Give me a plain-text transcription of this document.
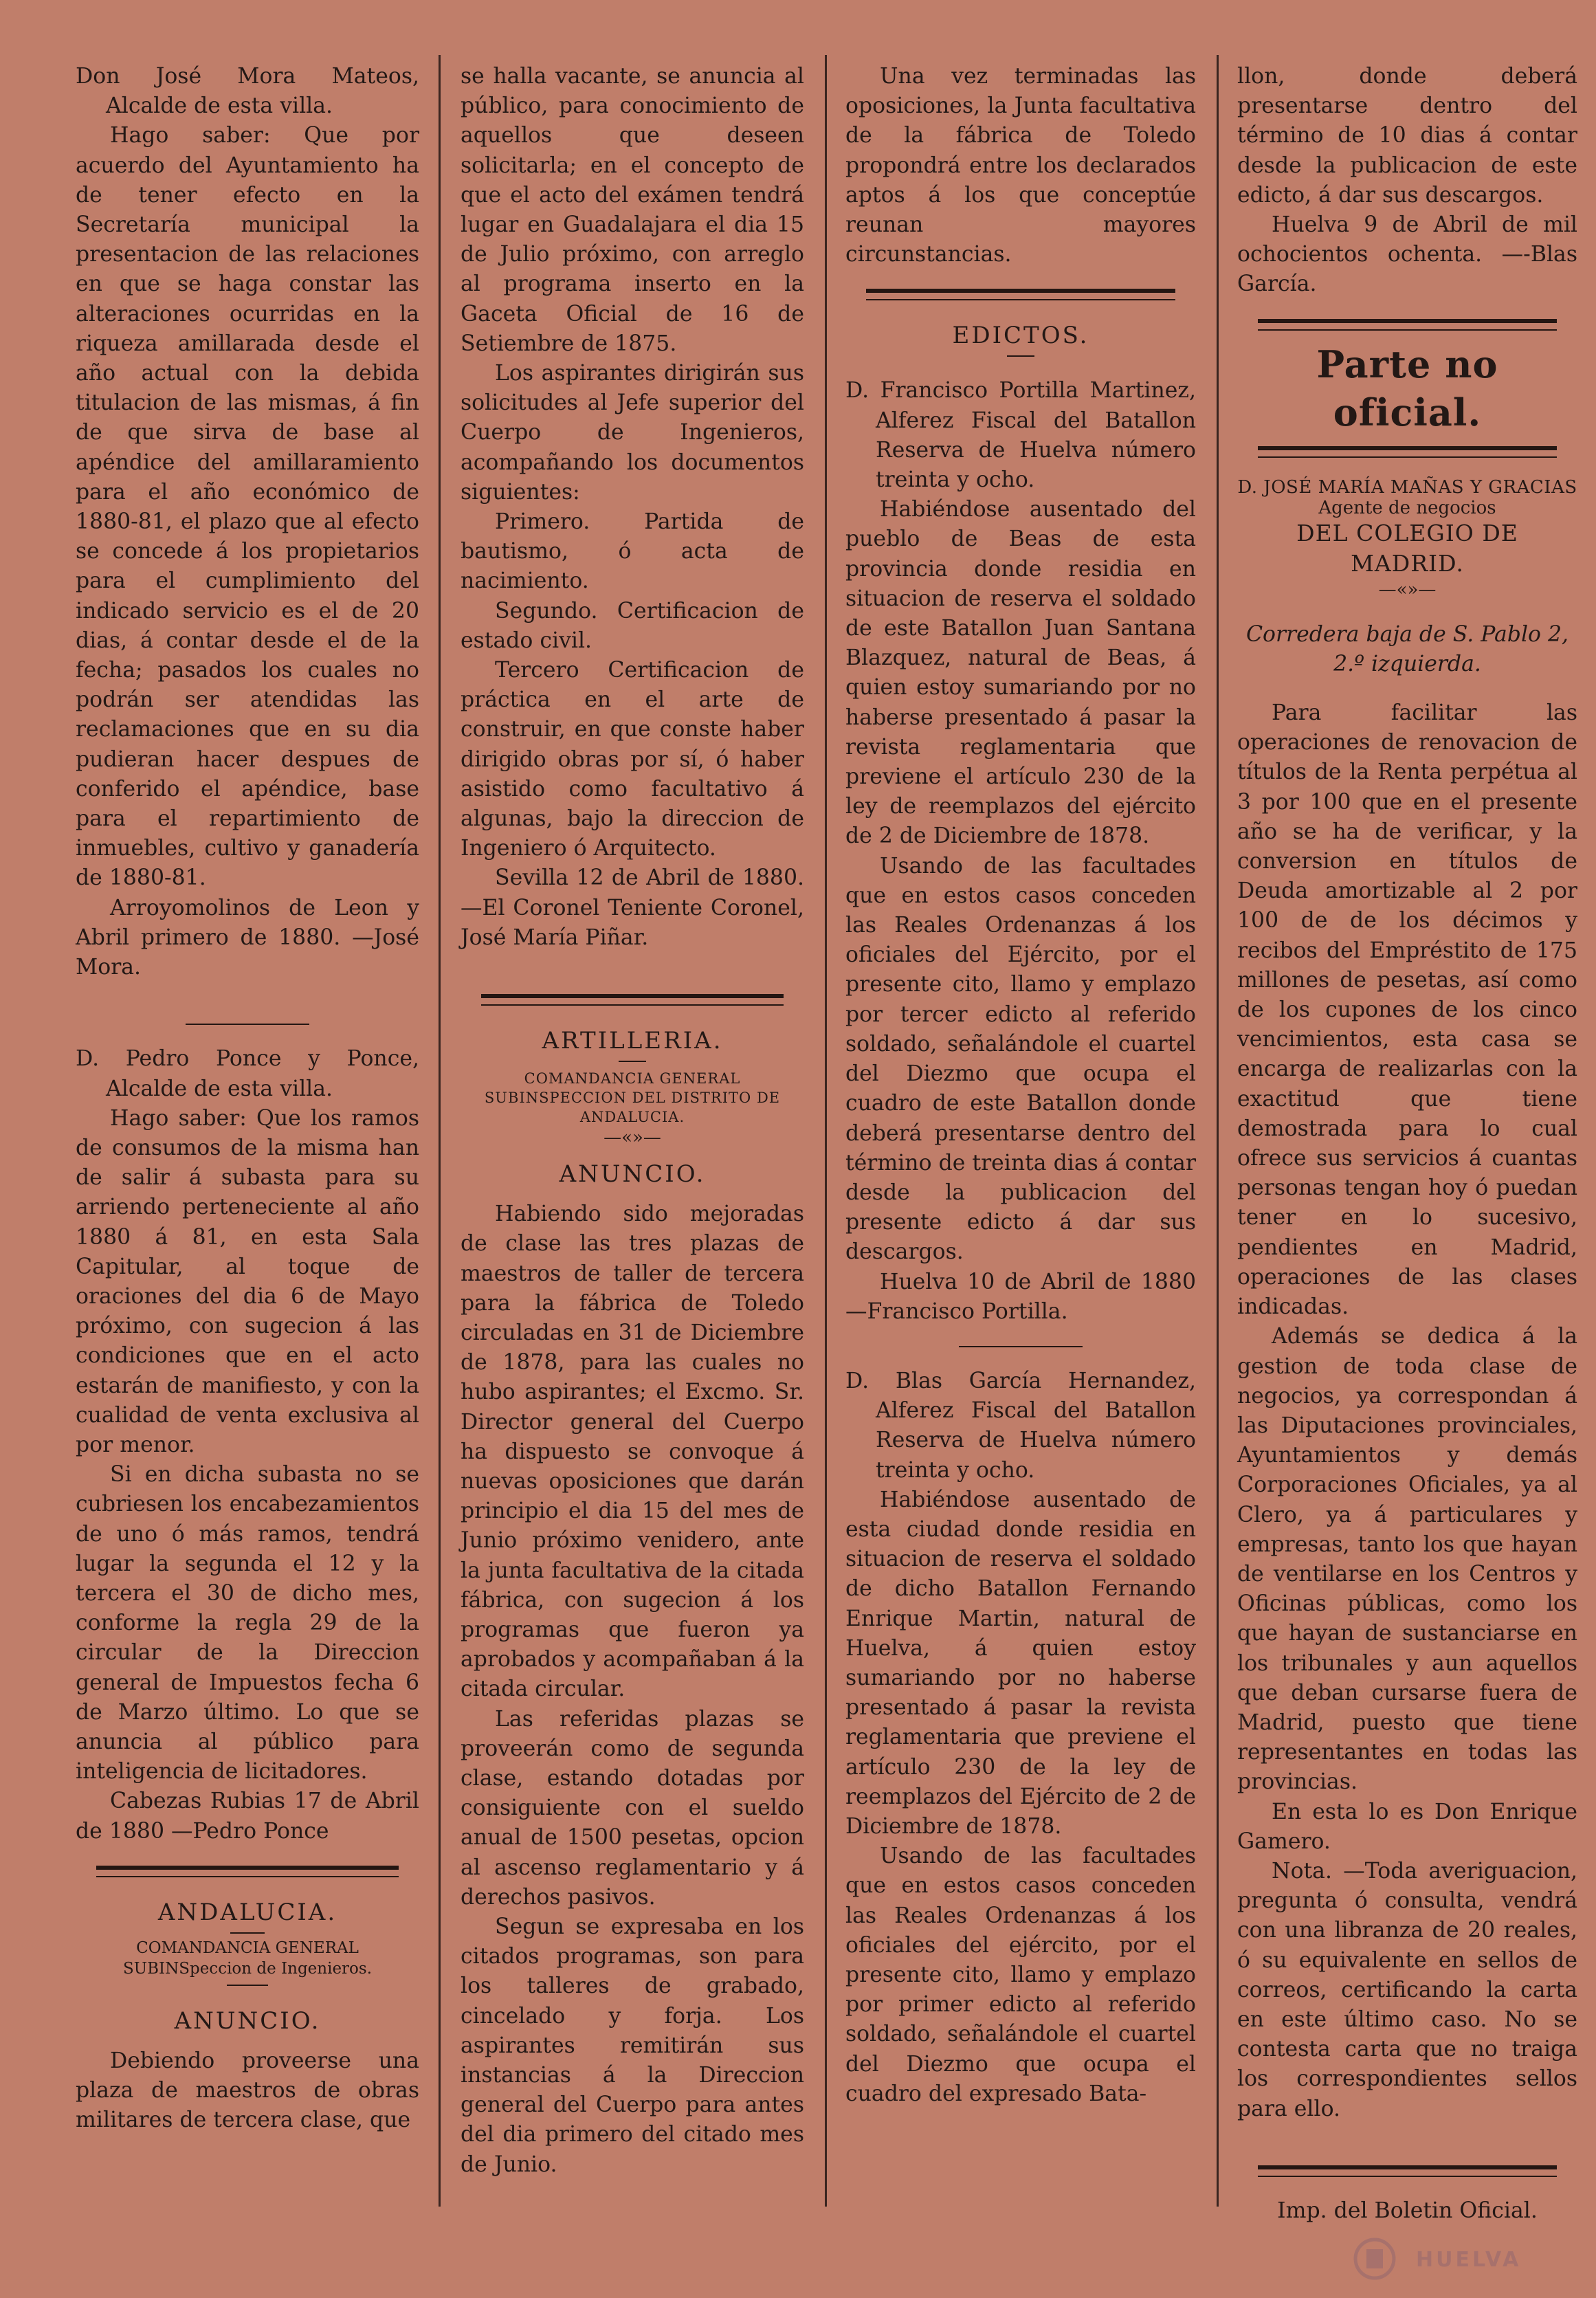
Don José Mora Mateos, Alcalde de esta villa.

Hago saber: Que por acuerdo del Ayuntamiento ha de tener efecto en la Secretaría municipal la presentacion de las relaciones en que se haga constar las alteraciones ocurridas en la riqueza amillarada desde el año actual con la debida titulacion de las mismas, á fin de que sirva de base al apéndice del amillaramiento para el año económico de 1880-81, el plazo que al efecto se concede á los propietarios para el cumplimiento del indicado servicio es el de 20 dias, á contar desde el de la fecha; pasados los cuales no podrán ser atendidas las reclamaciones que en su dia pudieran hacer despues de conferido el apéndice, base para el repartimiento de inmuebles, cultivo y ganadería de 1880-81.

Arroyomolinos de Leon y Abril primero de 1880. —José Mora.

D. Pedro Ponce y Ponce, Alcalde de esta villa.

Hago saber: Que los ramos de consumos de la misma han de salir á subasta para su arriendo perteneciente al año 1880 á 81, en esta Sala Capitular, al toque de oraciones del dia 6 de Mayo próximo, con sugecion á las condiciones que en el acto estarán de manifiesto, y con la cualidad de venta exclusiva al por menor.

Si en dicha subasta no se cubriesen los encabezamientos de uno ó más ramos, tendrá lugar la segunda el 12 y la tercera el 30 de dicho mes, conforme la regla 29 de la circular de la Direccion general de Impuestos fecha 6 de Marzo último. Lo que se anuncia al público para inteligencia de licitadores.

Cabezas Rubias 17 de Abril de 1880 —Pedro Ponce

ANDALUCIA.

COMANDANCIA GENERAL SUBINSpeccion de Ingenieros.

ANUNCIO.

Debiendo proveerse una plaza de maestros de obras militares de tercera clase, que

se halla vacante, se anuncia al público, para conocimiento de aquellos que deseen solicitarla; en el concepto de que el acto del exámen tendrá lugar en Guadalajara el dia 15 de Julio próximo, con arreglo al programa inserto en la Gaceta Oficial de 16 de Setiembre de 1875.

Los aspirantes dirigirán sus solicitudes al Jefe superior del Cuerpo de Ingenieros, acompañando los documentos siguientes:

Primero. Partida de bautismo, ó acta de nacimiento.

Segundo. Certificacion de estado civil.

Tercero Certificacion de práctica en el arte de construir, en que conste haber dirigido obras por sí, ó haber asistido como facultativo á algunas, bajo la direccion de Ingeniero ó Arquitecto.

Sevilla 12 de Abril de 1880. —El Coronel Teniente Coronel, José María Piñar.

ARTILLERIA.

COMANDANCIA GENERAL SUBINSPECCION DEL DISTRITO DE ANDALUCIA.

—«»—

ANUNCIO.

Habiendo sido mejoradas de clase las tres plazas de maestros de taller de tercera para la fábrica de Toledo circuladas en 31 de Diciembre de 1878, para las cuales no hubo aspirantes; el Excmo. Sr. Director general del Cuerpo ha dispuesto se convoque á nuevas oposiciones que darán principio el dia 15 del mes de Junio próximo venidero, ante la junta facultativa de la citada fábrica, con sugecion á los programas que fueron ya aprobados y acompañaban á la citada circular.

Las referidas plazas se proveerán como de segunda clase, estando dotadas por consiguiente con el sueldo anual de 1500 pesetas, opcion al ascenso reglamentario y á derechos pasivos.

Segun se expresaba en los citados programas, son para los talleres de grabado, cincelado y forja. Los aspirantes remitirán sus instancias á la Direccion general del Cuerpo para antes del dia primero del citado mes de Junio.

Una vez terminadas las oposiciones, la Junta facultativa de la fábrica de Toledo propondrá entre los declarados aptos á los que conceptúe reunan mayores circunstancias.

EDICTOS.

D. Francisco Portilla Martinez, Alferez Fiscal del Batallon Reserva de Huelva número treinta y ocho.

Habiéndose ausentado del pueblo de Beas de esta provincia donde residia en situacion de reserva el soldado de este Batallon Juan Santana Blazquez, natural de Beas, á quien estoy sumariando por no haberse presentado á pasar la revista reglamentaria que previene el artículo 230 de la ley de reemplazos del ejército de 2 de Diciembre de 1878.

Usando de las facultades que en estos casos conceden las Reales Ordenanzas á los oficiales del Ejército, por el presente cito, llamo y emplazo por tercer edicto al referido soldado, señalándole el cuartel del Diezmo que ocupa el cuadro de este Batallon donde deberá presentarse dentro del término de treinta dias á contar desde la publicacion del presente edicto á dar sus descargos.

Huelva 10 de Abril de 1880 —Francisco Portilla.

D. Blas García Hernandez, Alferez Fiscal del Batallon Reserva de Huelva número treinta y ocho.

Habiéndose ausentado de esta ciudad donde residia en situacion de reserva el soldado de dicho Batallon Fernando Enrique Martin, natural de Huelva, á quien estoy sumariando por no haberse presentado á pasar la revista reglamentaria que previene el artículo 230 de la ley de reemplazos del Ejército de 2 de Diciembre de 1878.

Usando de las facultades que en estos casos conceden las Reales Ordenanzas á los oficiales del ejército, por el presente cito, llamo y emplazo por primer edicto al referido soldado, señalándole el cuartel del Diezmo que ocupa el cuadro del expresado Bata-

llon, donde deberá presentarse dentro del término de 10 dias á contar desde la publicacion de este edicto, á dar sus descargos.

Huelva 9 de Abril de mil ochocientos ochenta. —-Blas García.

Parte no oficial.

D. JOSÉ MARÍA MAÑAS Y GRACIAS

Agente de negocios

DEL COLEGIO DE MADRID.

—«»—

Corredera baja de S. Pablo 2, 2.º izquierda.

Para facilitar las operaciones de renovacion de títulos de la Renta perpétua al 3 por 100 que en el presente año se ha de verificar, y la conversion en títulos de Deuda amortizable al 2 por 100 de de los décimos y recibos del Empréstito de 175 millones de pesetas, así como de los cupones de los cinco vencimientos, esta casa se encarga de realizarlas con la exactitud que tiene demostrada para lo cual ofrece sus servicios á cuantas personas tengan hoy ó puedan tener en lo sucesivo, pendientes en Madrid, operaciones de las clases indicadas.

Además se dedica á la gestion de toda clase de negocios, ya correspondan á las Diputaciones provinciales, Ayuntamientos y demás Corporaciones Oficiales, ya al Clero, ya á particulares y empresas, tanto los que hayan de ventilarse en los Centros y Oficinas públicas, como los que hayan de sustanciarse en los tribunales y aun aquellos que deban cursarse fuera de Madrid, puesto que tiene representantes en todas las provincias.

En esta lo es Don Enrique Gamero.

Nota. —Toda averiguacion, pregunta ó consulta, vendrá con una libranza de 20 reales, ó su equivalente en sellos de correos, certificando la carta en este último caso. No se contesta carta que no traiga los correspondientes sellos para ello.

Imp. del Boletin Oficial.

HUELVA
